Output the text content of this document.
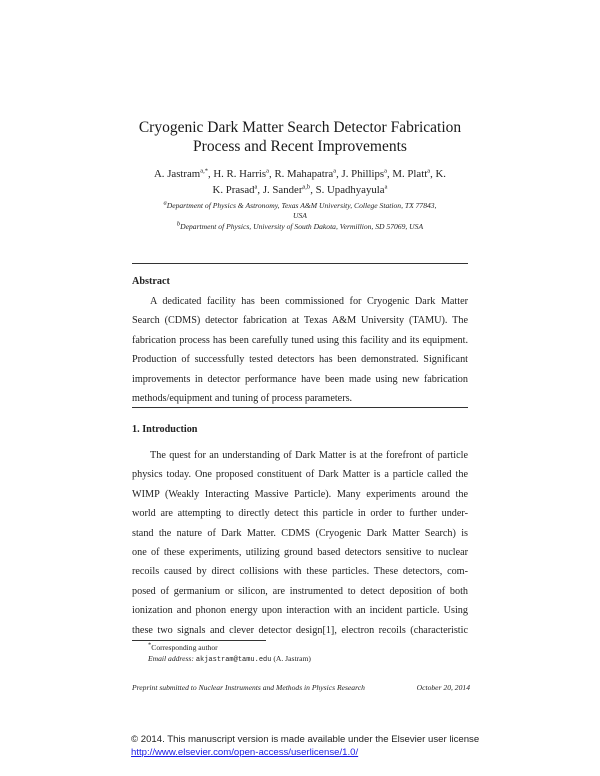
Cryogenic Dark Matter Search Detector Fabrication
Process and Recent Improvements
A. Jastram$^{a,*}$, H. R. Harris$^a$, R. Mahapatra$^a$, J. Phillips$^a$, M. Platt$^a$, K.
K. Prasad$^a$, J. Sander$^{a,b}$, S. Upadhyayula$^a$
$^a$Department of Physics & Astronomy, Texas A&M University, College Station, TX 77843,
USA
$^b$Department of Physics, University of South Dakota, Vermillion, SD 57069, USA
Abstract
A dedicated facility has been commissioned for Cryogenic Dark Matter
Search (CDMS) detector fabrication at Texas A&M University (TAMU). The
fabrication process has been carefully tuned using this facility and its equipment.
Production of successfully tested detectors has been demonstrated. Significant
improvements in detector performance have been made using new fabrication
methods/equipment and tuning of process parameters.
1. Introduction
The quest for an understanding of Dark Matter is at the forefront of particle
physics today. One proposed constituent of Dark Matter is a particle called the
WIMP (Weakly Interacting Massive Particle). Many experiments around the
world are attempting to directly detect this particle in order to further under-
stand the nature of Dark Matter. CDMS (Cryogenic Dark Matter Search) is
one of these experiments, utilizing ground based detectors sensitive to nuclear
recoils caused by direct collisions with these particles. These detectors, com-
posed of germanium or silicon, are instrumented to detect deposition of both
ionization and phonon energy upon interaction with an incident particle. Using
these two signals and clever detector design[1], electron recoils (characteristic
*Corresponding author
Email address: akjastram@tamu.edu (A. Jastram)
Preprint submitted to Nuclear Instruments and Methods in Physics Research	October 20, 2014
© 2014. This manuscript version is made available under the Elsevier user license
http://www.elsevier.com/open-access/userlicense/1.0/
